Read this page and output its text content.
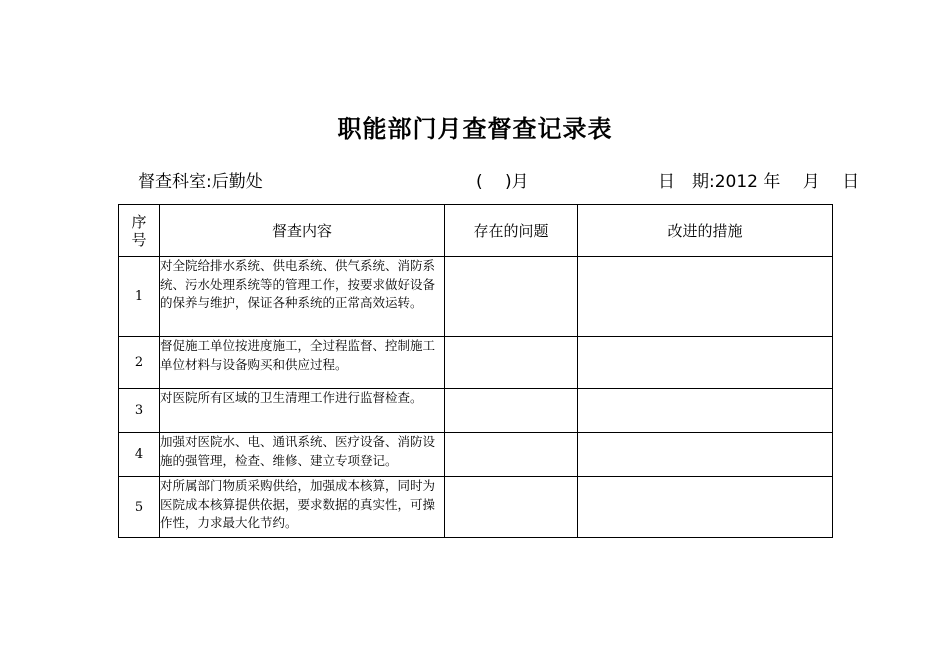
职能部门月查督查记录表
督查科室:后勤处	(　 )月	日　期:2012 年　 月　 日
序
号	督查内容	存在的问题	改进的措施
1	对全院给排水系统、供电系统、供气系统、消防系统、污水处理系统等的管理工作，按要求做好设备的保养与维护，保证各种系统的正常高效运转。		
2	督促施工单位按进度施工，全过程监督、控制施工单位材料与设备购买和供应过程。		
3	对医院所有区域的卫生清理工作进行监督检查。		
4	加强对医院水、电、通讯系统、医疗设备、消防设施的强管理，检查、维修、建立专项登记。		
5	对所属部门物质采购供给，加强成本核算，同时为医院成本核算提供依据，要求数据的真实性，可操作性，力求最大化节约。		
